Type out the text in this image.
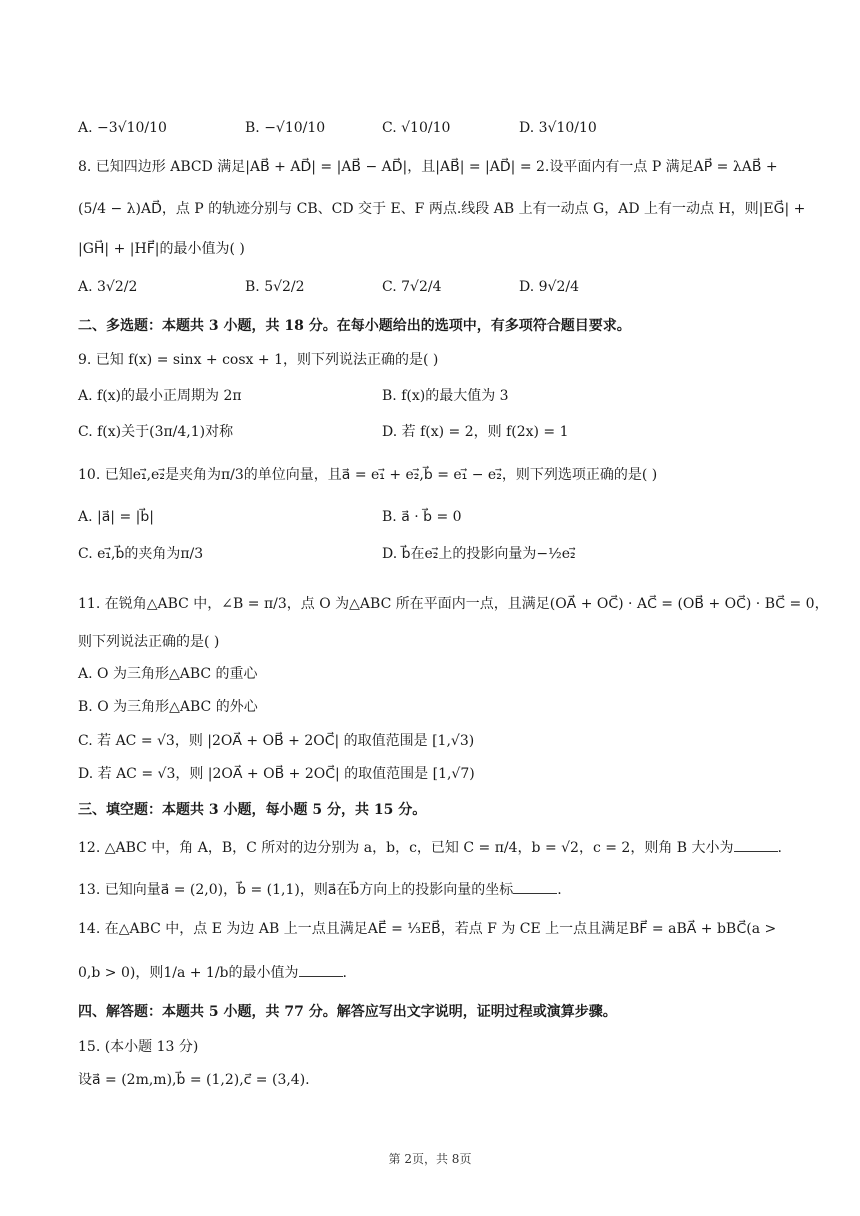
A. −3√10/10	B. −√10/10	C. √10/10	D. 3√10/10
8. 已知四边形 ABCD 满足|AB⃗ + AD⃗| = |AB⃗ − AD⃗|，且|AB⃗| = |AD⃗| = 2.设平面内有一点 P 满足AP⃗ = λAB⃗ +
(5/4 − λ)AD⃗，点 P 的轨迹分别与 CB、CD 交于 E、F 两点.线段 AB 上有一动点 G，AD 上有一动点 H，则|EG⃗| +
|GH⃗| + |HF⃗|的最小值为( )
A. 3√2/2	B. 5√2/2	C. 7√2/4	D. 9√2/4
二、多选题：本题共 3 小题，共 18 分。在每小题给出的选项中，有多项符合题目要求。
9. 已知 f(x) = sinx + cosx + 1，则下列说法正确的是( )
A. f(x)的最小正周期为 2π	B. f(x)的最大值为 3
C. f(x)关于(3π/4,1)对称	D. 若 f(x) = 2，则 f(2x) = 1
10. 已知e₁⃗,e₂⃗是夹角为π/3的单位向量，且a⃗ = e₁⃗ + e₂⃗,b⃗ = e₁⃗ − e₂⃗，则下列选项正确的是( )
A. |a⃗| = |b⃗|	B. a⃗ · b⃗ = 0
C. e₁⃗,b⃗的夹角为π/3	D. b⃗在e₂⃗上的投影向量为−½e₂⃗
11. 在锐角△ABC 中，∠B = π/3，点 O 为△ABC 所在平面内一点，且满足(OA⃗ + OC⃗) · AC⃗ = (OB⃗ + OC⃗) · BC⃗ = 0，
则下列说法正确的是( )
A. O 为三角形△ABC 的重心
B. O 为三角形△ABC 的外心
C. 若 AC = √3，则 |2OA⃗ + OB⃗ + 2OC⃗| 的取值范围是 [1,√3)
D. 若 AC = √3，则 |2OA⃗ + OB⃗ + 2OC⃗| 的取值范围是 [1,√7)
三、填空题：本题共 3 小题，每小题 5 分，共 15 分。
12. △ABC 中，角 A，B，C 所对的边分别为 a，b，c，已知 C = π/4，b = √2，c = 2，则角 B 大小为	.
13. 已知向量a⃗ = (2,0)，b⃗ = (1,1)，则a⃗在b⃗方向上的投影向量的坐标	.
14. 在△ABC 中，点 E 为边 AB 上一点且满足AE⃗ = ⅓EB⃗，若点 F 为 CE 上一点且满足BF⃗ = aBA⃗ + bBC⃗(a >
0,b > 0)，则1/a + 1/b的最小值为	.
四、解答题：本题共 5 小题，共 77 分。解答应写出文字说明，证明过程或演算步骤。
15. (本小题 13 分)
设a⃗ = (2m,m),b⃗ = (1,2),c⃗ = (3,4).
第 2页，共 8页
